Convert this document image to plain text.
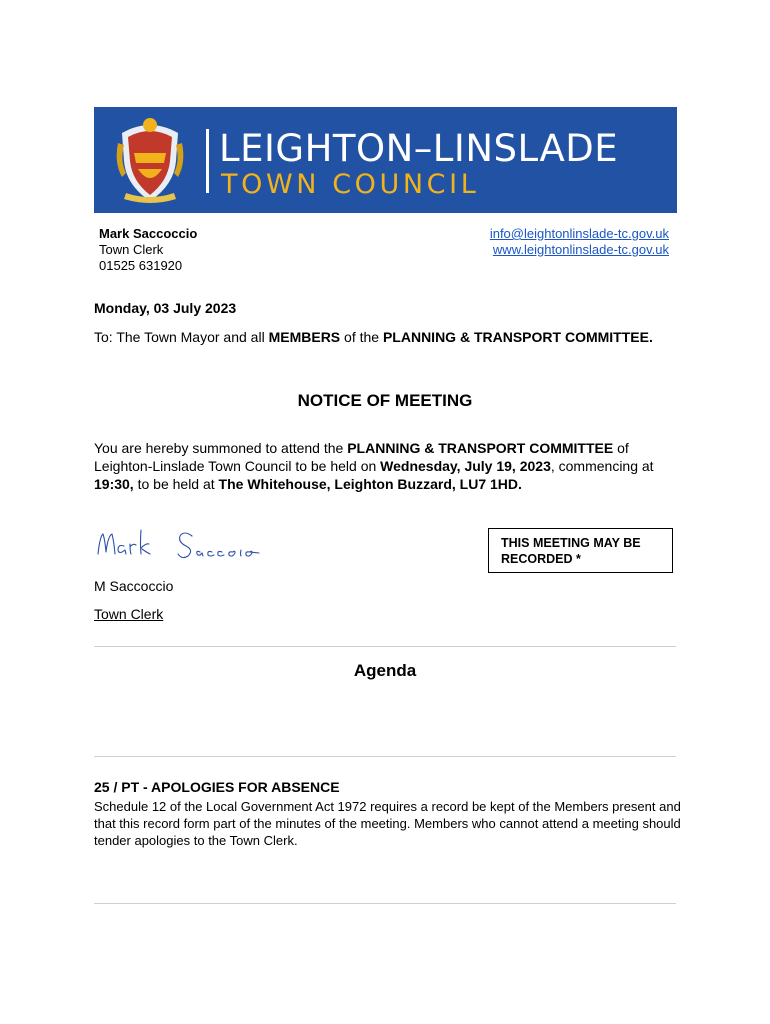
LEIGHTON–LINSLADE
TOWN COUNCIL
Mark Saccoccio
Town Clerk
01525 631920
info@leightonlinslade-tc.gov.uk
www.leightonlinslade-tc.gov.uk
Monday, 03 July 2023
To: The Town Mayor and all MEMBERS of the PLANNING & TRANSPORT COMMITTEE.
NOTICE OF MEETING
You are hereby summoned to attend the PLANNING & TRANSPORT COMMITTEE of Leighton-Linslade Town Council to be held on Wednesday, July 19, 2023, commencing at 19:30, to be held at The Whitehouse, Leighton Buzzard, LU7 1HD.
THIS MEETING MAY BE RECORDED *
M Saccoccio
Town Clerk
Agenda
25 / PT - APOLOGIES FOR ABSENCE
Schedule 12 of the Local Government Act 1972 requires a record be kept of the Members present and that this record form part of the minutes of the meeting. Members who cannot attend a meeting should tender apologies to the Town Clerk.
